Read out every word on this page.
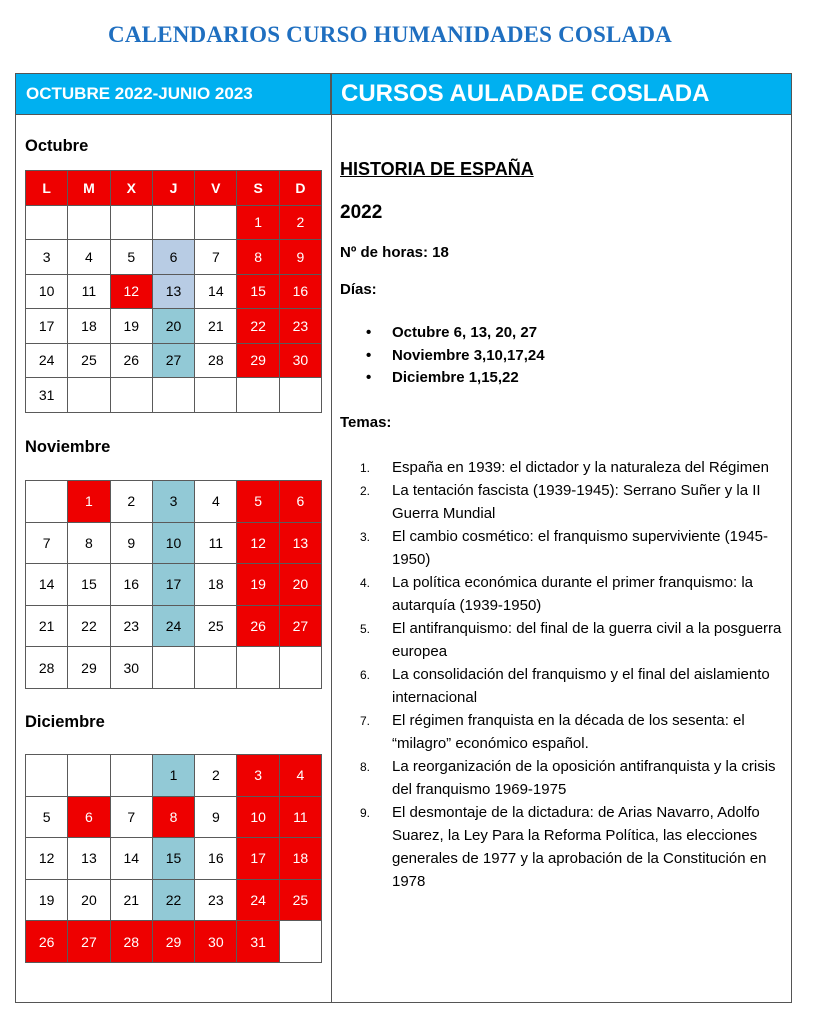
CALENDARIOS CURSO HUMANIDADES COSLADA
OCTUBRE 2022-JUNIO 2023	CURSOS AULADADE COSLADA
Octubre
Noviembre
Diciembre
L	M	X	J	V	S	D
					1	2
3	4	5	6	7	8	9
10	11	12	13	14	15	16
17	18	19	20	21	22	23
24	25	26	27	28	29	30
31						
	1	2	3	4	5	6
7	8	9	10	11	12	13
14	15	16	17	18	19	20
21	22	23	24	25	26	27
28	29	30				
			1	2	3	4
5	6	7	8	9	10	11
12	13	14	15	16	17	18
19	20	21	22	23	24	25
26	27	28	29	30	31	
HISTORIA DE ESPAÑA
2022
Nº de horas: 18
Días:
• Octubre 6, 13, 20, 27
• Noviembre 3,10,17,24
• Diciembre 1,15,22
Temas:
1. España en 1939: el dictador y la naturaleza del Régimen
2. La tentación fascista (1939-1945): Serrano Suñer y la II Guerra Mundial
3. El cambio cosmético: el franquismo superviviente (1945-1950)
4. La política económica durante el primer franquismo: la autarquía (1939-1950)
5. El antifranquismo: del final de la guerra civil a la posguerra europea
6. La consolidación del franquismo y el final del aislamiento internacional
7. El régimen franquista en la década de los sesenta: el “milagro” económico español.
8. La reorganización de la oposición antifranquista y la crisis del franquismo 1969-1975
9. El desmontaje de la dictadura: de Arias Navarro, Adolfo Suarez, la Ley Para la Reforma Política, las elecciones generales de 1977 y la aprobación de la Constitución en 1978
